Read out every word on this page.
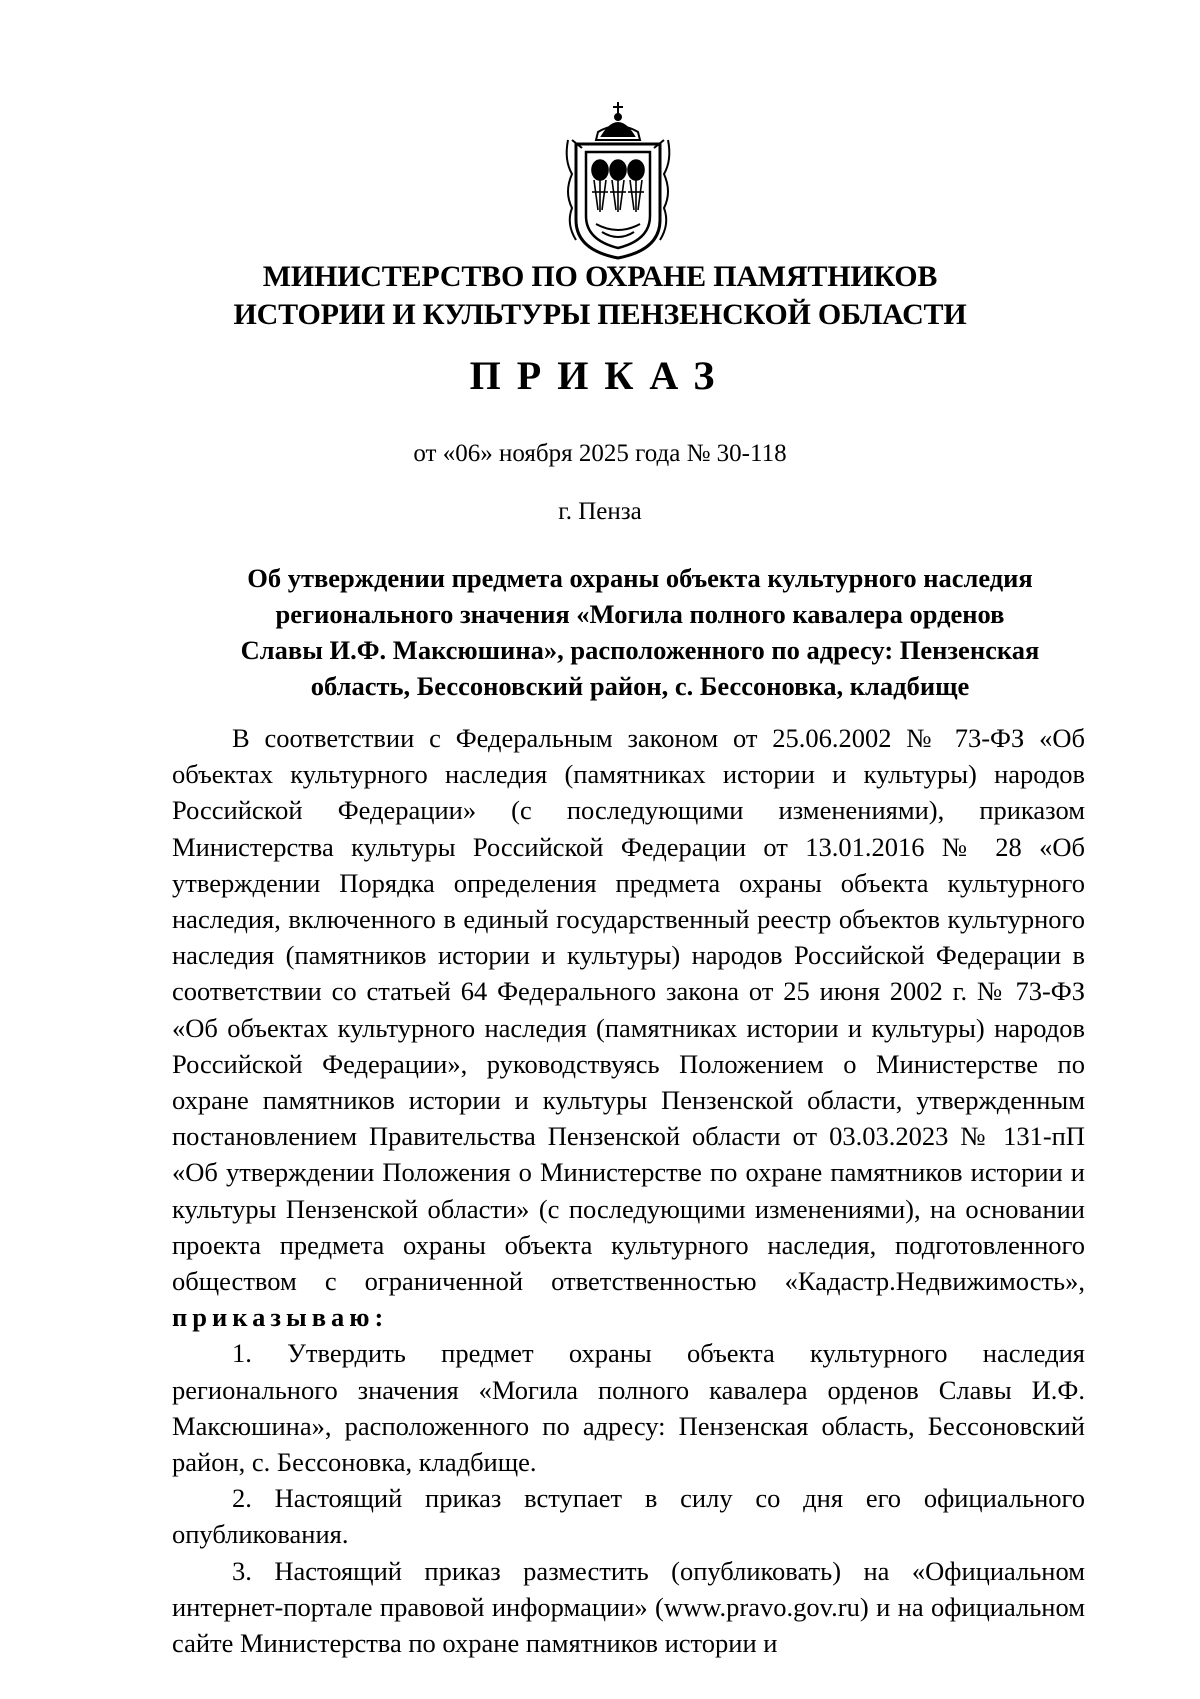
МИНИСТЕРСТВО ПО ОХРАНЕ ПАМЯТНИКОВ
ИСТОРИИ И КУЛЬТУРЫ ПЕНЗЕНСКОЙ ОБЛАСТИ
ПРИКАЗ
от «06» ноября 2025 года № 30-118
г. Пенза
Об утверждении предмета охраны объекта культурного наследия
регионального значения «Могила полного кавалера орденов
Славы И.Ф. Максюшина», расположенного по адресу: Пензенская
область, Бессоновский район, с. Бессоновка, кладбище

В соответствии с Федеральным законом от 25.06.2002 № 73-ФЗ «Об объектах культурного наследия (памятниках истории и культуры) народов Российской Федерации» (с последующими изменениями), приказом Министерства культуры Российской Федерации от 13.01.2016 № 28 «Об утверждении Порядка определения предмета охраны объекта культурного наследия, включенного в единый государственный реестр объектов культурного наследия (памятников истории и культуры) народов Российской Федерации в соответствии со статьей 64 Федерального закона от 25 июня 2002 г. № 73-ФЗ «Об объектах культурного наследия (памятниках истории и культуры) народов Российской Федерации», руководствуясь Положением о Министерстве по охране памятников истории и культуры Пензенской области, утвержденным постановлением Правительства Пензенской области от 03.03.2023 № 131-пП «Об утверждении Положения о Министерстве по охране памятников истории и культуры Пензенской области» (с последующими изменениями), на основании проекта предмета охраны объекта культурного наследия, подготовленного обществом с ограниченной ответственностью «Кадастр.Недвижимость», приказываю:

1. Утвердить предмет охраны объекта культурного наследия регионального значения «Могила полного кавалера орденов Славы И.Ф. Максюшина», расположенного по адресу: Пензенская область, Бессоновский район, с. Бессоновка, кладбище.

2. Настоящий приказ вступает в силу со дня его официального опубликования.

3. Настоящий приказ разместить (опубликовать) на «Официальном интернет-портале правовой информации» (www.pravo.gov.ru) и на официальном сайте Министерства по охране памятников истории и
